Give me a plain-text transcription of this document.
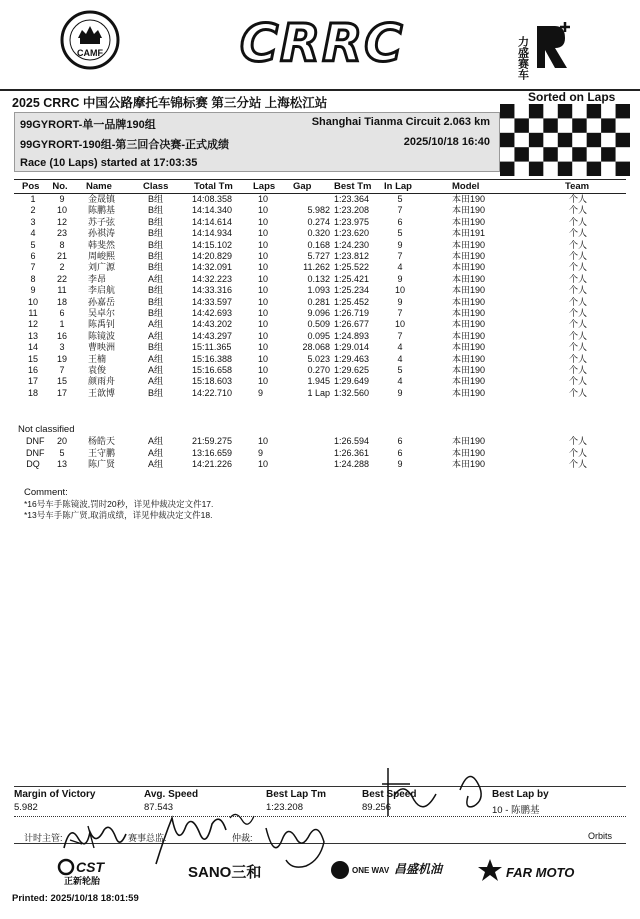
CAMF	CRRC	力盛赛车
2025 CRRC 中国公路摩托车锦标赛 第三分站 上海松江站	Sorted on Laps
99GYRORT-单一品牌190组	Shanghai Tianma Circuit 2.063 km
99GYRORT-190组-第三回合决赛-正式成绩	2025/10/18 16:40
Race (10 Laps) started at 17:03:35
Pos No. Name	Class	Total Tm Laps Gap Best Tm In Lap	Model	Team
1	9	金晟镇	B组	14:08.358	10	1:23.364	5	本田190	个人
2	10	陈鹏基	B组	14:14.340	10	5.982 1:23.208	7	本田190	个人
3	12	苏子弦	B组	14:14.614	10	0.274 1:23.975	6	本田190	个人
4	23	孙祺涛	B组	14:14.934	10	0.320 1:23.620	5	本田191	个人
5	8	韩斐然	B组	14:15.102	10	0.168 1:24.230	9	本田190	个人
6	21	周峻熙	B组	14:20.829	10	5.727 1:23.812	7	本田190	个人
7	2	刘广源	B组	14:32.091	10	11.262 1:25.522	4	本田190	个人
8	22	李昂	A组	14:32.223	10	0.132 1:25.421	9	本田190	个人
9	11	李启航	B组	14:33.316	10	1.093 1:25.234	10	本田190	个人
10	18	孙嘉岳	B组	14:33.597	10	0.281 1:25.452	9	本田190	个人
11	6	吴卓尔	B组	14:42.693	10	9.096 1:26.719	7	本田190	个人
12	1	陈禹钊	A组	14:43.202	10	0.509 1:26.677	10	本田190	个人
13	16	陈镜波	A组	14:43.297	10	0.095 1:24.893	7	本田190	个人
14	3	曹映洲	B组	15:11.365	10	28.068 1:29.014	4	本田190	个人
15	19	王楠	A组	15:16.388	10	5.023 1:29.463	4	本田190	个人
16	7	袁俊	A组	15:16.658	10	0.270 1:29.625	5	本田190	个人
17	15	颜雨舟	A组	15:18.603	10	1.945 1:29.649	4	本田190	个人
18	17	王歆博	B组	14:22.710	9	1 Lap 1:32.560	9	本田190	个人
Not classified
DNF	20	杨皓天	A组	21:59.275	10	1:26.594	6	本田190	个人
DNF	5	王守鹏	A组	13:16.659	9	1:26.361	6	本田190	个人
DQ	13	陈广贤	A组	14:21.226	10	1:24.288	9	本田190	个人
Comment:
*16号车手陈镜波,罚时20秒，详见仲裁决定文件17.
*13号车手陈广贤,取消成绩，详见仲裁决定文件18.
Margin of Victory	Avg. Speed	Best Lap Tm	Best Speed	Best Lap by
5.982	87.543	1:23.208	89.256	10 - 陈鹏基
计时主管:	赛事总监:	仲裁:	Orbits
CST
正新轮胎
SANO三和	ONE WAV 昌盛机油	FAR MOTO
Printed: 2025/10/18 18:01:59
